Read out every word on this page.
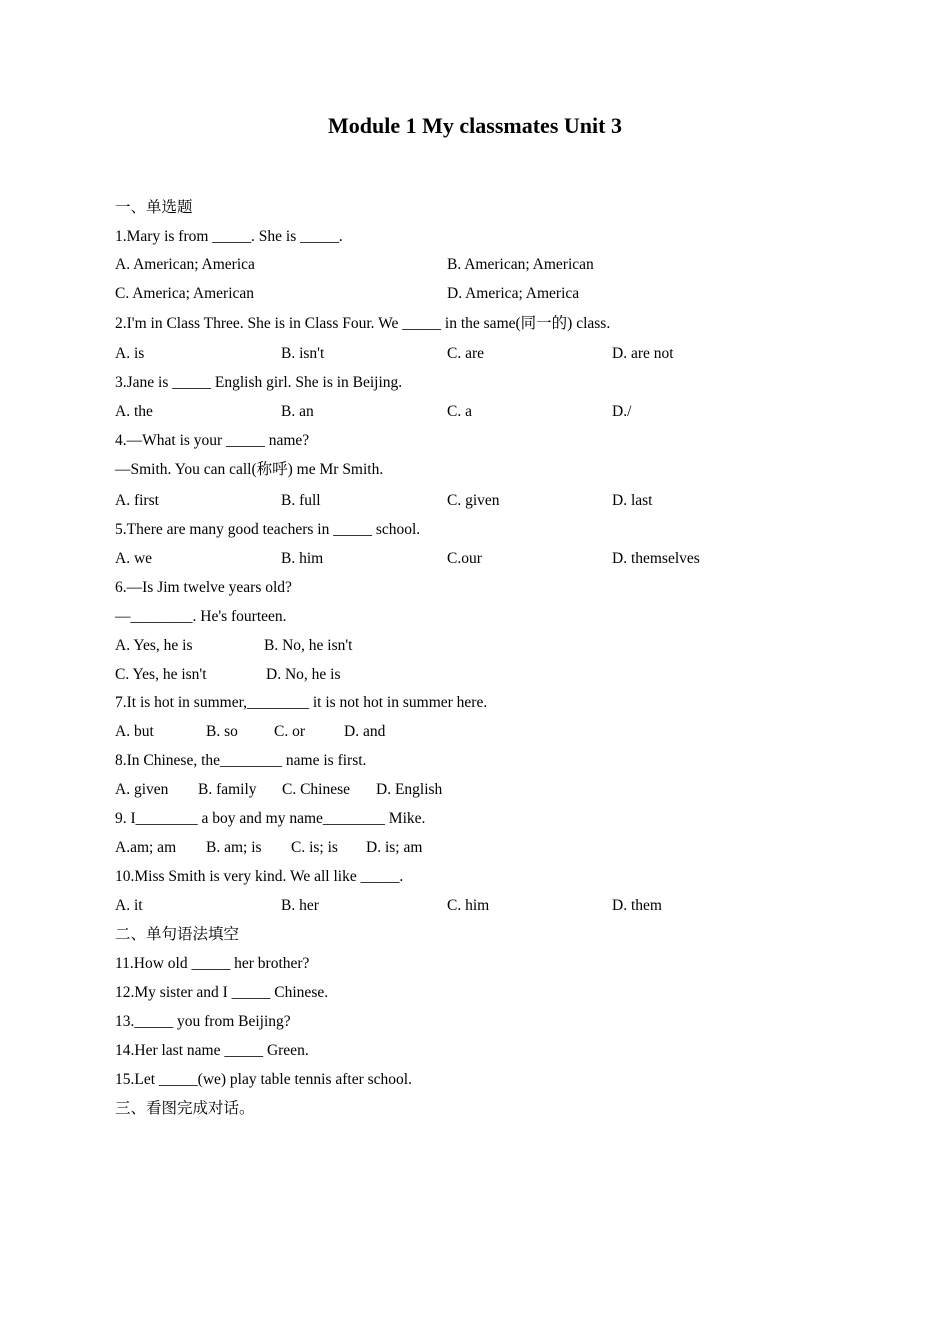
Module 1 My classmates Unit 3
一、单选题
1.Mary is from _____. She is _____.
A. American; America	B. American; American
C. America; American	D. America; America
2.I'm in Class Three. She is in Class Four. We _____ in the same(同一的) class.
A. is	B. isn't	C. are	D. are not
3.Jane is _____ English girl. She is in Beijing.
A. the	B. an	C. a	D./
4.—What is your _____ name?
—Smith. You can call(称呼) me Mr Smith.
A. first	B. full	C. given	D. last
5.There are many good teachers in _____ school.
A. we	B. him	C.our	D. themselves
6.—Is Jim twelve years old?
—________. He's fourteen.
A. Yes, he is	B. No, he isn't
C. Yes, he isn't	D. No, he is
7.It is hot in summer,________ it is not hot in summer here.
A. but	B. so C. or	D. and
8.In Chinese, the________ name is first.
A. given B. family C. Chinese D. English
9. I________ a boy and my name________ Mike.
A.am; am B. am; is C. is; is D. is; am
10.Miss Smith is very kind. We all like _____.
A. it	B. her	C. him	D. them
二、单句语法填空
11.How old _____ her brother?
12.My sister and I _____ Chinese.
13._____ you from Beijing?
14.Her last name _____ Green.
15.Let _____(we) play table tennis after school.
三、看图完成对话。
